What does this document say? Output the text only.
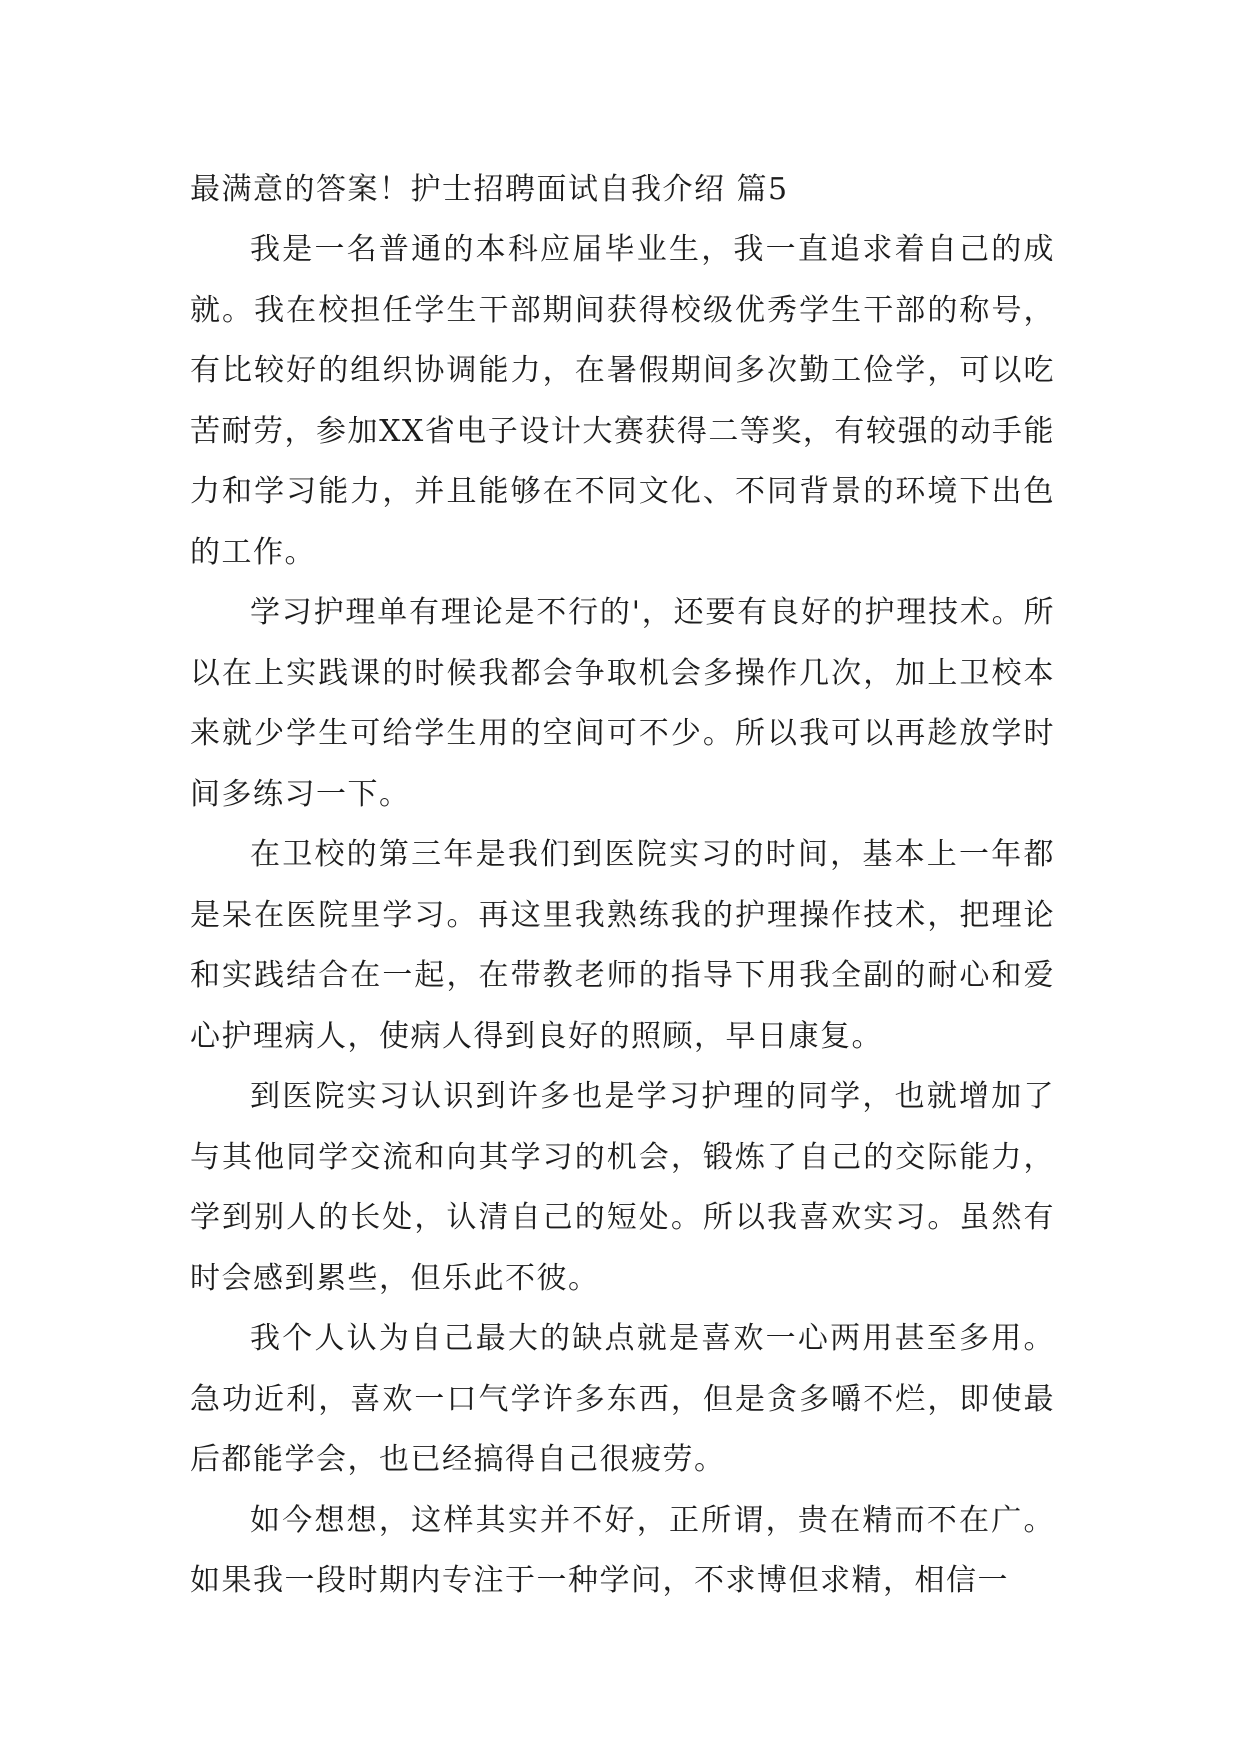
最满意的答案！护士招聘面试自我介绍 篇5

我是一名普通的本科应届毕业生，我一直追求着自己的成就。我在校担任学生干部期间获得校级优秀学生干部的称号，有比较好的组织协调能力，在暑假期间多次勤工俭学，可以吃苦耐劳，参加XX省电子设计大赛获得二等奖，有较强的动手能力和学习能力，并且能够在不同文化、不同背景的环境下出色的工作。

学习护理单有理论是不行的'，还要有良好的护理技术。所以在上实践课的时候我都会争取机会多操作几次，加上卫校本来就少学生可给学生用的空间可不少。所以我可以再趁放学时间多练习一下。

在卫校的第三年是我们到医院实习的时间，基本上一年都是呆在医院里学习。再这里我熟练我的护理操作技术，把理论和实践结合在一起，在带教老师的指导下用我全副的耐心和爱心护理病人，使病人得到良好的照顾，早日康复。

到医院实习认识到许多也是学习护理的同学，也就增加了与其他同学交流和向其学习的机会，锻炼了自己的交际能力，学到别人的长处，认清自己的短处。所以我喜欢实习。虽然有时会感到累些，但乐此不彼。

我个人认为自己最大的缺点就是喜欢一心两用甚至多用。急功近利，喜欢一口气学许多东西，但是贪多嚼不烂，即使最后都能学会，也已经搞得自己很疲劳。

如今想想，这样其实并不好，正所谓，贵在精而不在广。如果我一段时期内专注于一种学问，不求博但求精，相信一
